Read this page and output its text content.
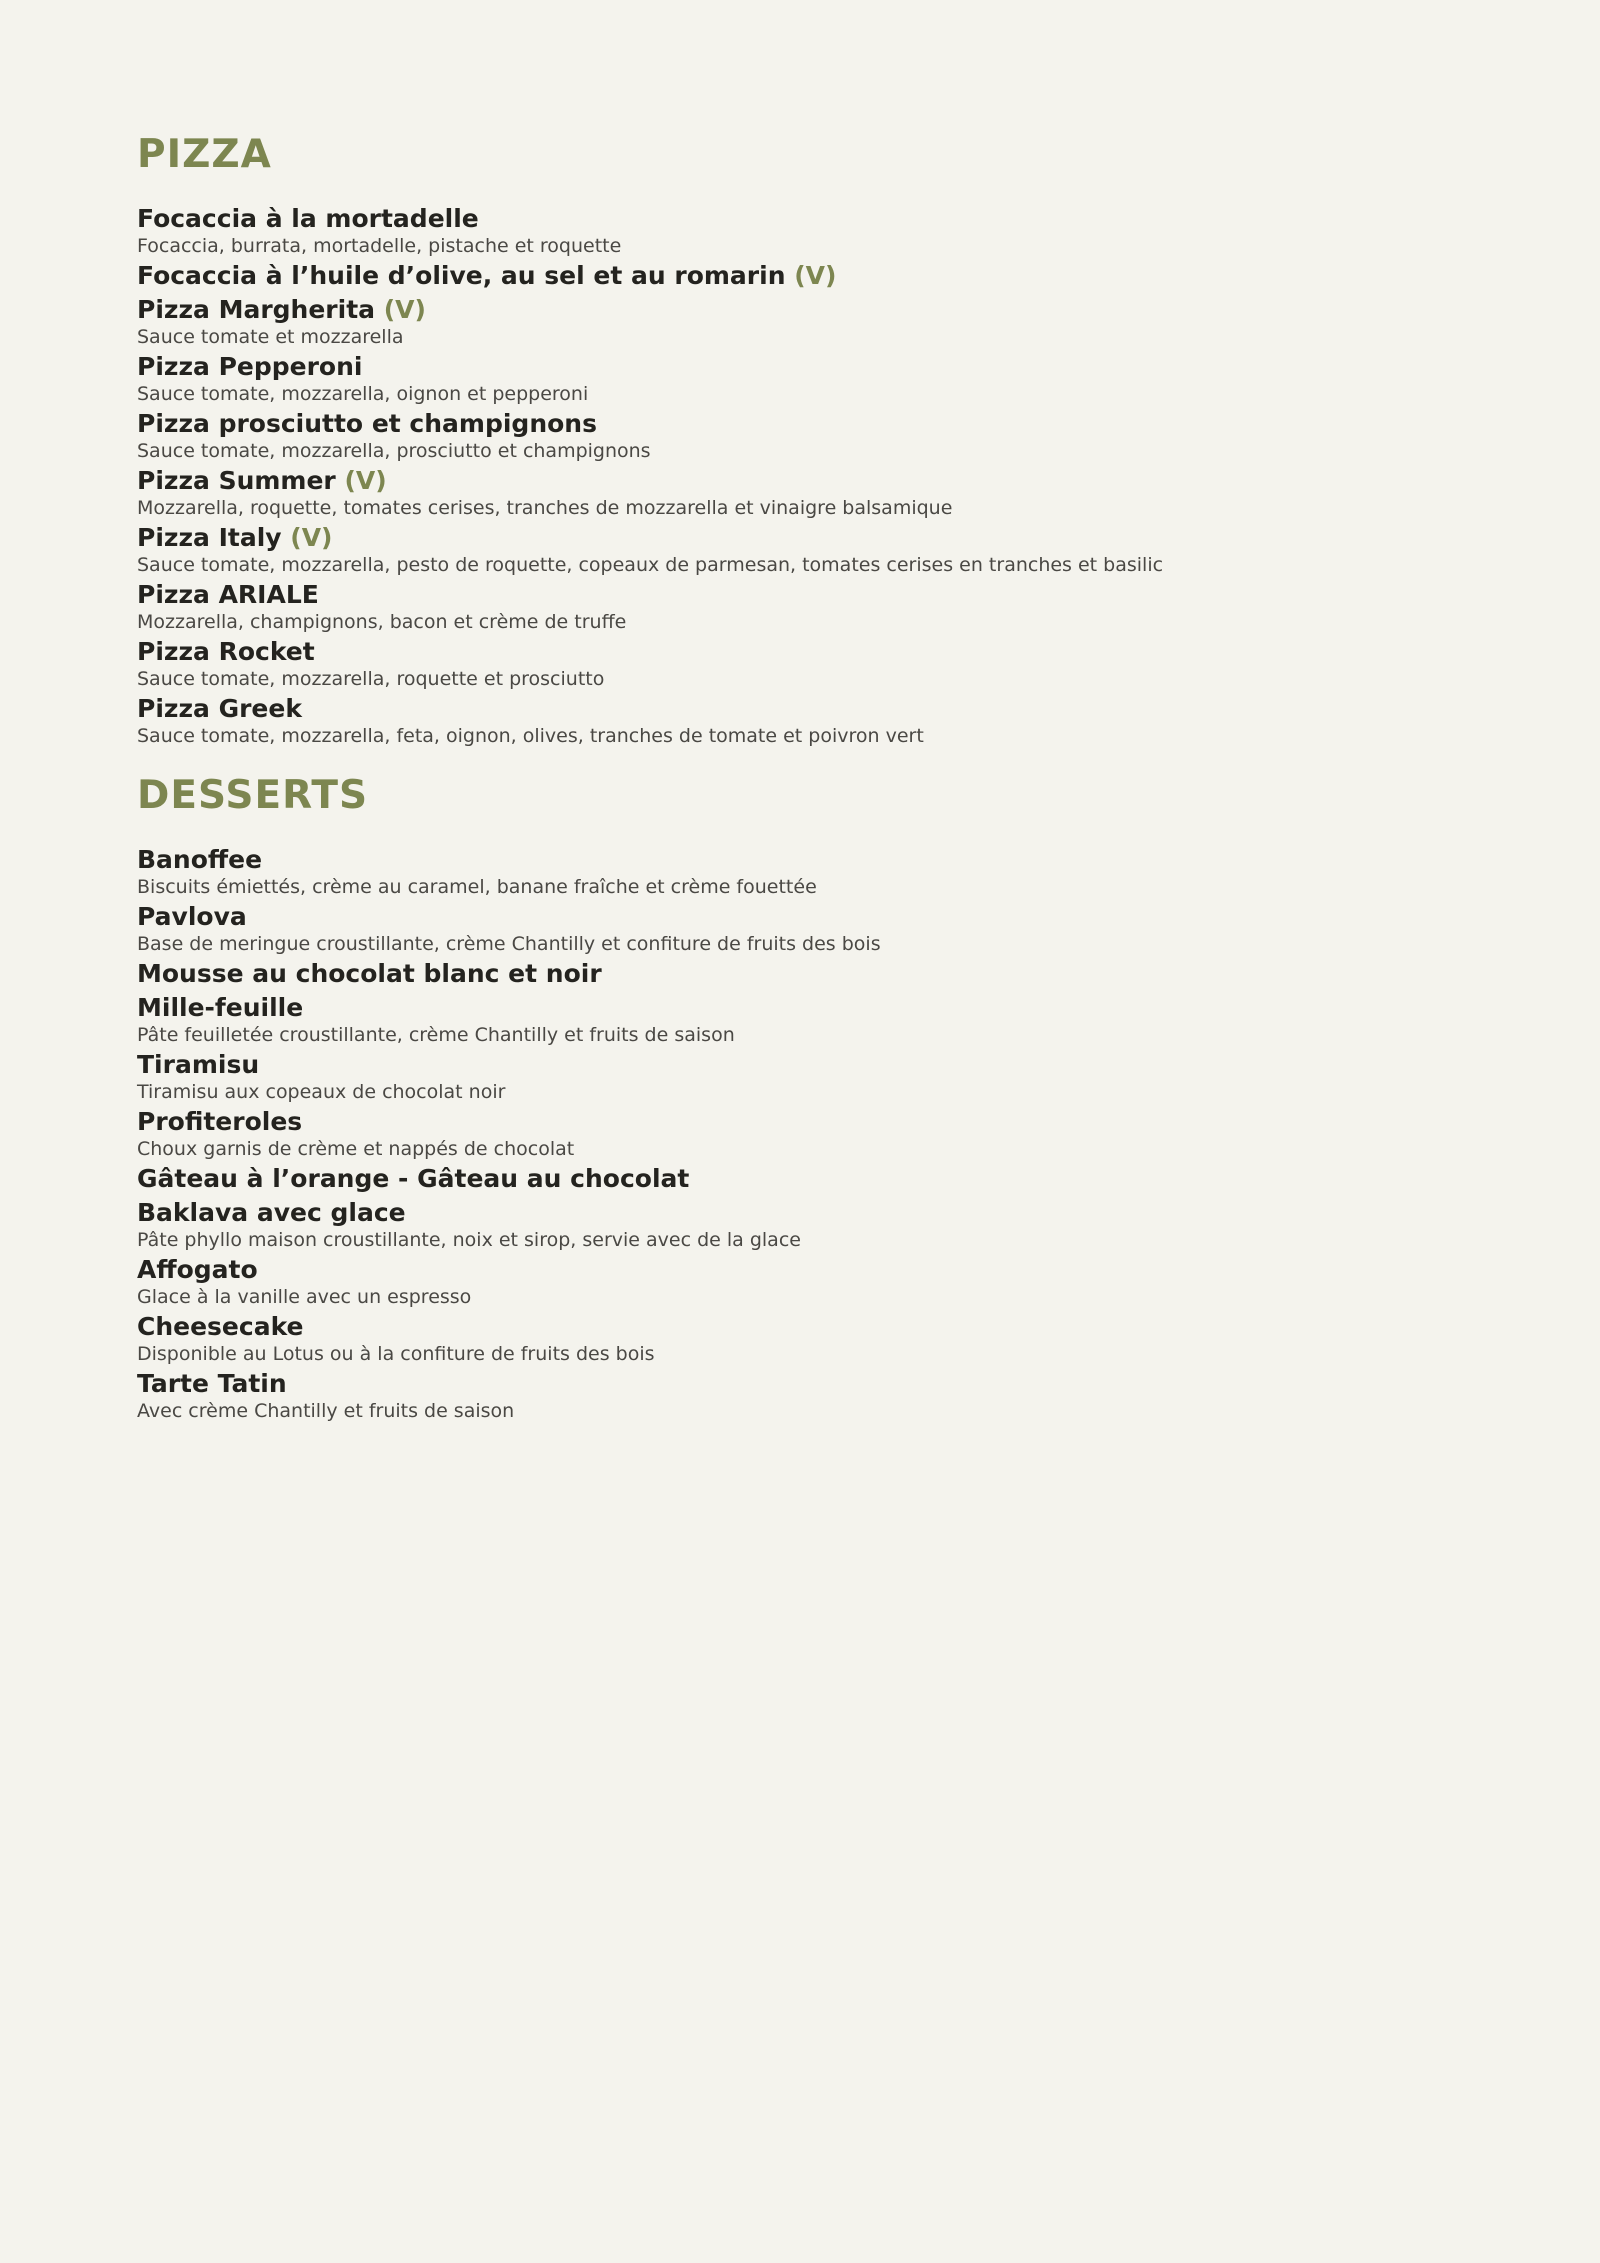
PIZZA
Focaccia à la mortadelle
Focaccia, burrata, mortadelle, pistache et roquette
Focaccia à l’huile d’olive, au sel et au romarin (V)
Pizza Margherita (V)
Sauce tomate et mozzarella
Pizza Pepperoni
Sauce tomate, mozzarella, oignon et pepperoni
Pizza prosciutto et champignons
Sauce tomate, mozzarella, prosciutto et champignons
Pizza Summer (V)
Mozzarella, roquette, tomates cerises, tranches de mozzarella et vinaigre balsamique
Pizza Italy (V)
Sauce tomate, mozzarella, pesto de roquette, copeaux de parmesan, tomates cerises en tranches et basilic
Pizza ARIALE
Mozzarella, champignons, bacon et crème de truffe
Pizza Rocket
Sauce tomate, mozzarella, roquette et prosciutto
Pizza Greek
Sauce tomate, mozzarella, feta, oignon, olives, tranches de tomate et poivron vert
DESSERTS
Banoffee
Biscuits émiettés, crème au caramel, banane fraîche et crème fouettée
Pavlova
Base de meringue croustillante, crème Chantilly et confiture de fruits des bois
Mousse au chocolat blanc et noir
Mille-feuille
Pâte feuilletée croustillante, crème Chantilly et fruits de saison
Tiramisu
Tiramisu aux copeaux de chocolat noir
Profiteroles
Choux garnis de crème et nappés de chocolat
Gâteau à l’orange - Gâteau au chocolat
Baklava avec glace
Pâte phyllo maison croustillante, noix et sirop, servie avec de la glace
Affogato
Glace à la vanille avec un espresso
Cheesecake
Disponible au Lotus ou à la confiture de fruits des bois
Tarte Tatin
Avec crème Chantilly et fruits de saison
